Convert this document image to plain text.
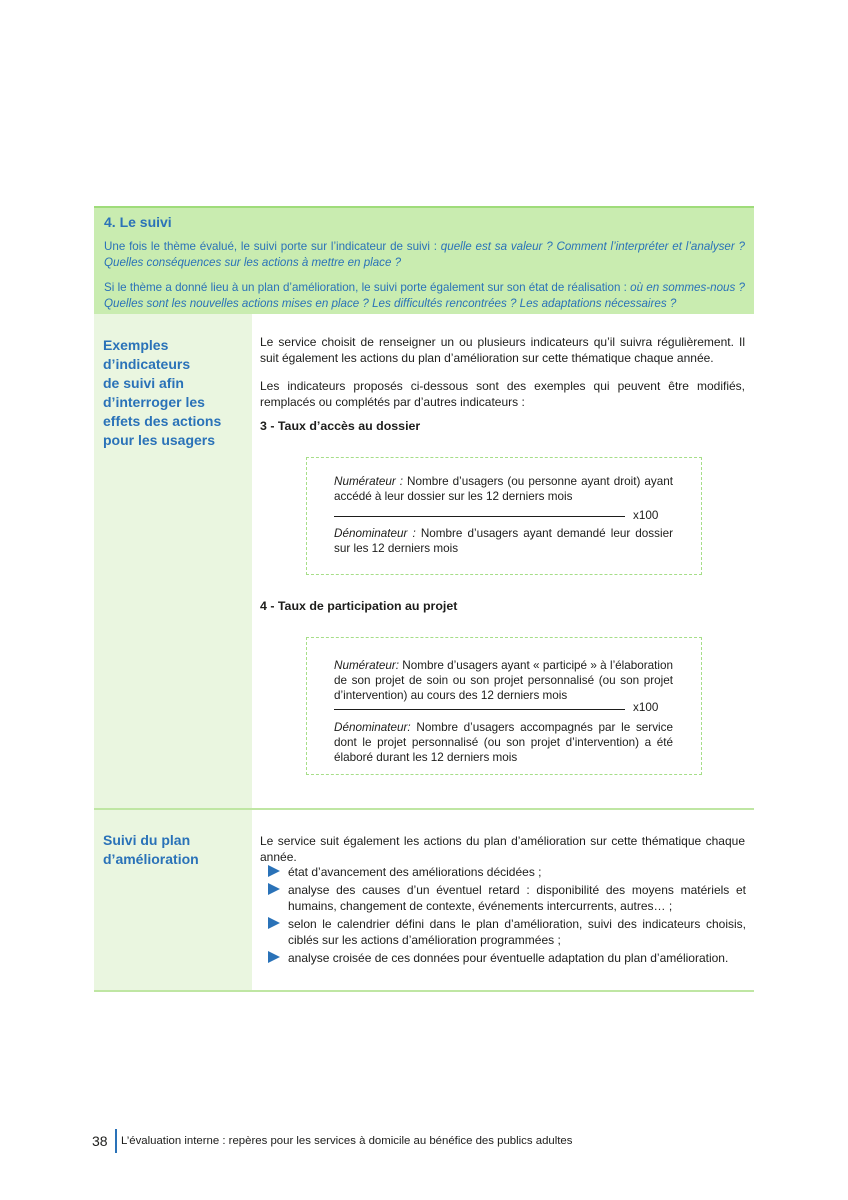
4. Le suivi

Une fois le thème évalué, le suivi porte sur l’indicateur de suivi : quelle est sa valeur ? Comment l’interpréter et l’analyser ? Quelles conséquences sur les actions à mettre en place ?

Si le thème a donné lieu à un plan d’amélioration, le suivi porte également sur son état de réalisation : où en sommes-nous ? Quelles sont les nouvelles actions mises en place ? Les difficultés rencontrées ? Les adaptations nécessaires ?

Exemples
d’indicateurs
de suivi afin
d’interroger les
effets des actions
pour les usagers
Suivi du plan
d’amélioration

Le service choisit de renseigner un ou plusieurs indicateurs qu’il suivra régulièrement. Il suit également les actions du plan d’amélioration sur cette thématique chaque année.

Les indicateurs proposés ci-dessous sont des exemples qui peuvent être modifiés, remplacés ou complétés par d’autres indicateurs :

3 - Taux d’accès au dossier

Numérateur : Nombre d’usagers (ou personne ayant droit) ayant accédé à leur dossier sur les 12 derniers mois

x100

Dénominateur : Nombre d’usagers ayant demandé leur dossier sur les 12 derniers mois

4 - Taux de participation au projet

Numérateur: Nombre d’usagers ayant « participé » à l’élaboration de son projet de soin ou son projet personnalisé (ou son projet d’intervention) au cours des 12 derniers mois

x100

Dénominateur: Nombre d’usagers accompagnés par le service dont le projet personnalisé (ou son projet d’intervention) a été élaboré durant les 12 derniers mois

Le service suit également les actions du plan d’amélioration sur cette thématique chaque année.

état d’avancement des améliorations décidées ;
analyse des causes d’un éventuel retard : disponibilité des moyens matériels et humains, changement de contexte, événements intercurrents, autres… ;
selon le calendrier défini dans le plan d’amélioration, suivi des indicateurs choisis, ciblés sur les actions d’amélioration programmées ;
analyse croisée de ces données pour éventuelle adaptation du plan d’amélioration.

38 L’évaluation interne : repères pour les services à domicile au bénéfice des publics adultes
